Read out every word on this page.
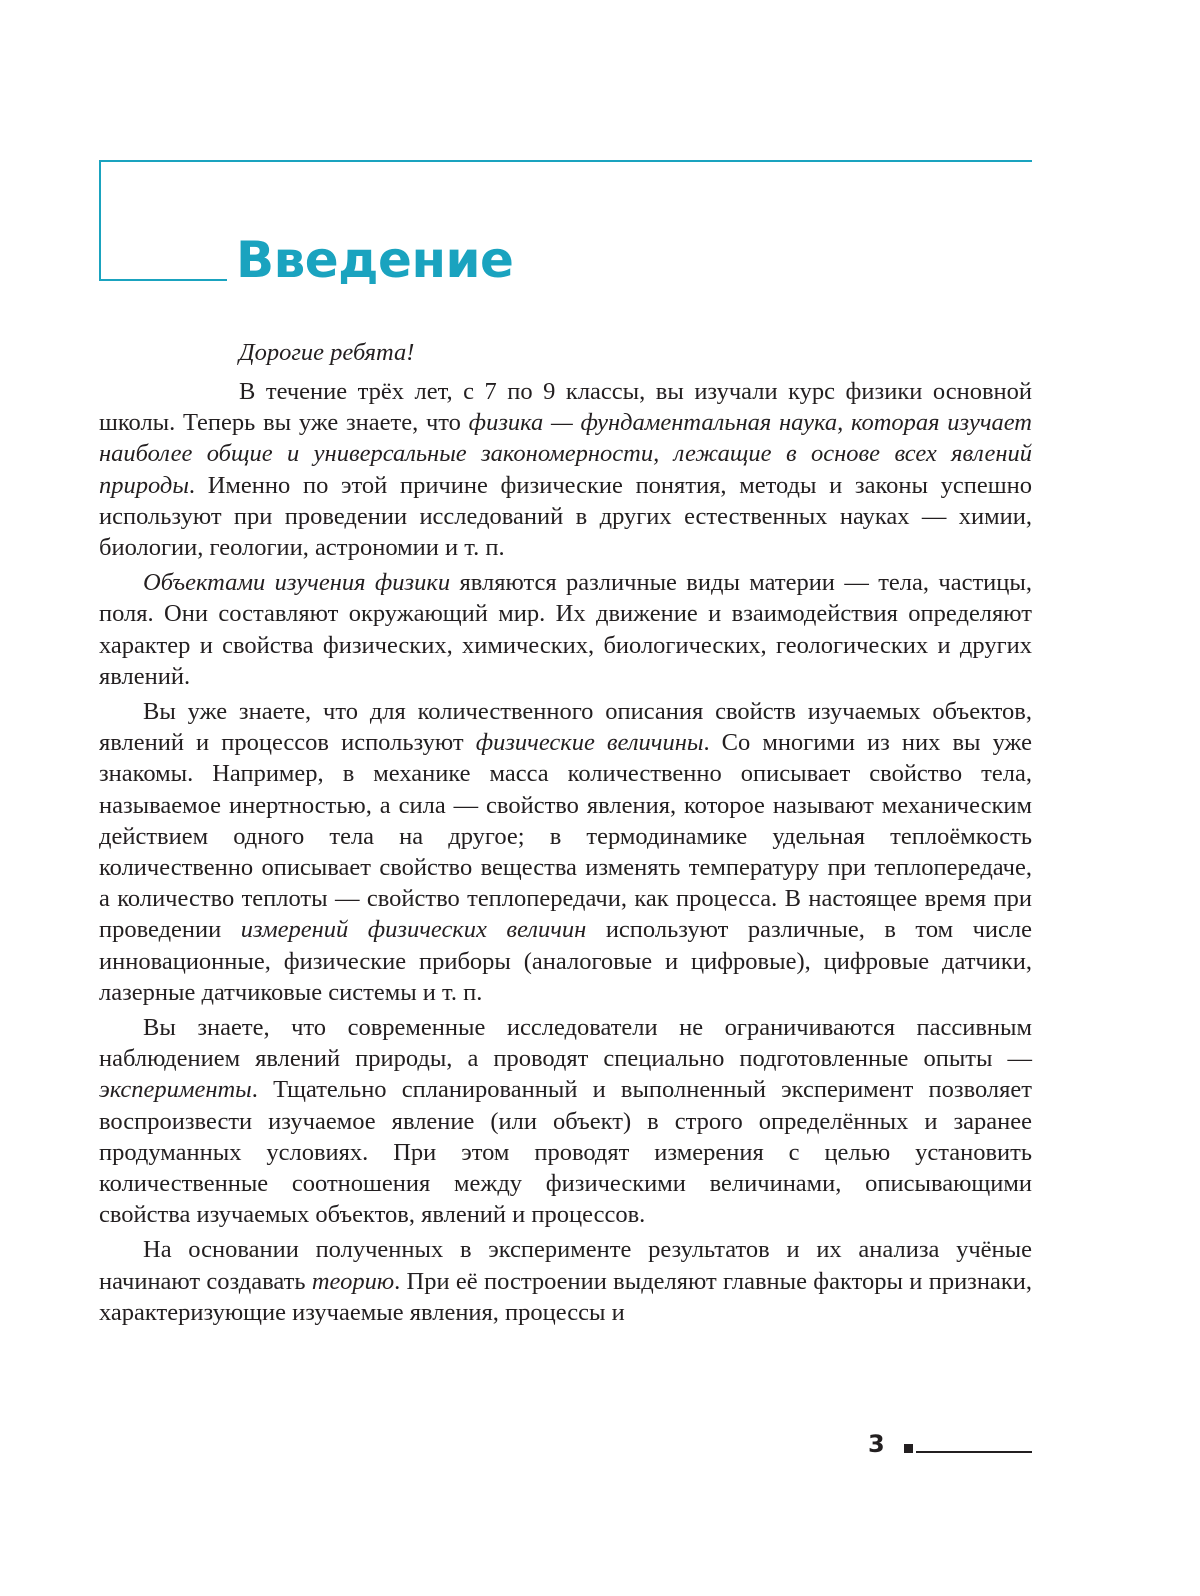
Введение

Дорогие ребята!

В течение трёх лет, с 7 по 9 классы, вы изучали курс физики основной школы. Теперь вы уже знаете, что физика — фундаментальная наука, которая изучает наиболее общие и универсальные закономерности, лежащие в основе всех явлений природы. Именно по этой причине физические понятия, методы и законы успешно используют при проведении исследований в других естественных науках — химии, биологии, геологии, астрономии и т. п.

Объектами изучения физики являются различные виды материи — тела, частицы, поля. Они составляют окружающий мир. Их движение и взаимодействия определяют характер и свойства физических, химических, биологических, геологических и других явлений.

Вы уже знаете, что для количественного описания свойств изучаемых объектов, явлений и процессов используют физические величины. Со многими из них вы уже знакомы. Например, в механике масса количественно описывает свойство тела, называемое инертностью, а сила — свойство явления, которое называют механическим действием одного тела на другое; в термодинамике удельная теплоёмкость количественно описывает свойство вещества изменять температуру при теплопередаче, а количество теплоты — свойство теплопередачи, как процесса. В настоящее время при проведении измерений физических величин используют различные, в том числе инновационные, физические приборы (аналоговые и цифровые), цифровые датчики, лазерные датчиковые системы и т. п.

Вы знаете, что современные исследователи не ограничиваются пассивным наблюдением явлений природы, а проводят специально подготовленные опыты — эксперименты. Тщательно спланированный и выполненный эксперимент позволяет воспроизвести изучаемое явление (или объект) в строго определённых и заранее продуманных условиях. При этом проводят измерения с целью установить количественные соотношения между физическими величинами, описывающими свойства изучаемых объектов, явлений и процессов.

На основании полученных в эксперименте результатов и их анализа учёные начинают создавать теорию. При её построении выделяют главные факторы и признаки, характеризующие изучаемые явления, процессы и

3
